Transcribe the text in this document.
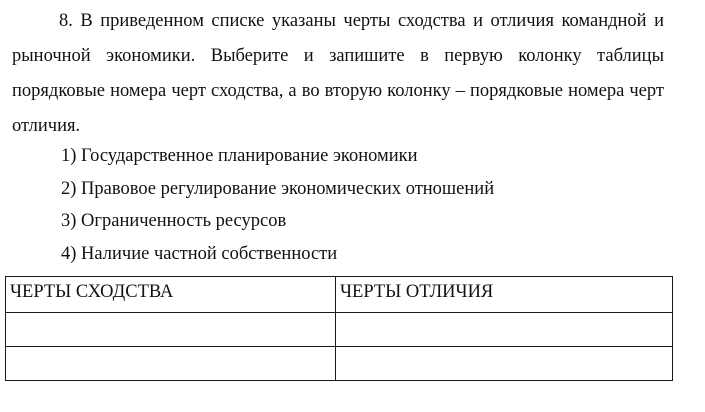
8. В приведенном списке указаны черты сходства и отличия командной и рыночной экономики. Выберите и запишите в первую колонку таблицы порядковые номера черт сходства, а во вторую колонку – порядковые номера черт отличия.

1) Государственное планирование экономики
2) Правовое регулирование экономических отношений
3) Ограниченность ресурсов
4) Наличие частной собственности
ЧЕРТЫ СХОДСТВА	ЧЕРТЫ ОТЛИЧИЯ
